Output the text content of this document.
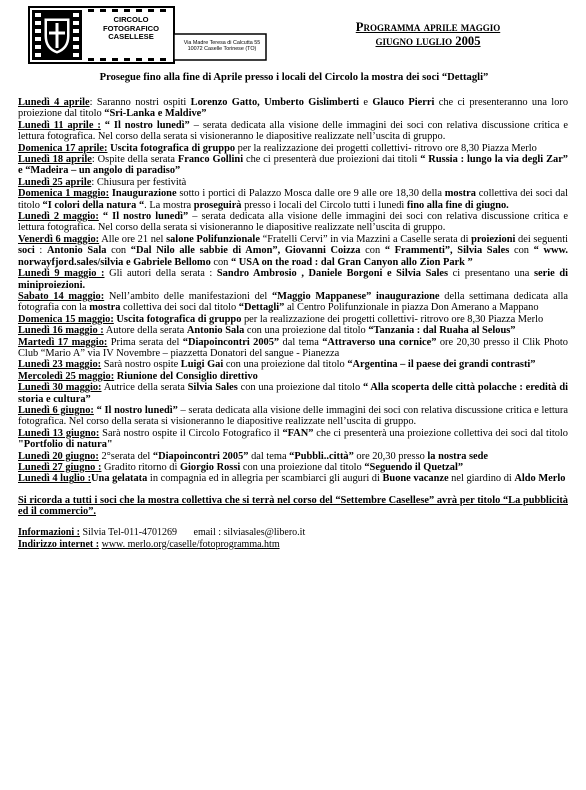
CIRCOLO
FOTOGRAFICO
CASELLESE
Via Madre Teresa di Calcutta 55
10072 Caselle Torinese (TO)
Programma aprile maggio
giugno luglio 2005
Prosegue fino alla fine di Aprile presso i locali del Circolo la mostra dei soci “Dettagli”

Lunedì 4 aprile: Saranno nostri ospiti Lorenzo Gatto, Umberto Gislimberti e Glauco Pierri che ci presenteranno una loro proiezione dal titolo “Sri-Lanka e Maldive”

Lunedì 11 aprile : “ Il nostro lunedì” – serata dedicata alla visione delle immagini dei soci con relativa discussione critica e lettura fotografica. Nel corso della serata si visioneranno le diapositive realizzate nell’uscita di gruppo.

Domenica 17 aprile: Uscita fotografica di gruppo per la realizzazione dei progetti collettivi- ritrovo ore 8,30 Piazza Merlo

Lunedì 18 aprile: Ospite della serata Franco Gollini che ci presenterà due proiezioni dai titoli “ Russia : lungo la via degli Zar” e “Madeira – un angolo di paradiso”

Lunedì 25 aprile: Chiusura per festività

Domenica 1 maggio: Inaugurazione sotto i portici di Palazzo Mosca dalle ore 9 alle ore 18,30 della mostra collettiva dei soci dal titolo “I colori della natura “. La mostra proseguirà presso i locali del Circolo tutti i lunedì fino alla fine di giugno.

Lunedì 2 maggio: “ Il nostro lunedì” – serata dedicata alla visione delle immagini dei soci con relativa discussione critica e lettura fotografica. Nel corso della serata si visioneranno le diapositive realizzate nell’uscita di gruppo.

Venerdì 6 maggio: Alle ore 21 nel salone Polifunzionale “Fratelli Cervi” in via Mazzini a Caselle serata di proiezioni dei seguenti soci : Antonio Sala con “Dal Nilo alle sabbie di Amon”, Giovanni Coizza con “ Frammenti”, Silvia Sales con “ www. norwayfjord.sales/silvia e Gabriele Bellomo con “ USA on the road : dal Gran Canyon allo Zion Park ”

Lunedì 9 maggio : Gli autori della serata : Sandro Ambrosio , Daniele Borgoni e Silvia Sales ci presentano una serie di miniproiezioni.

Sabato 14 maggio: Nell’ambito delle manifestazioni del “Maggio Mappanese” inaugurazione della settimana dedicata alla fotografia con la mostra collettiva dei soci dal titolo “Dettagli” al Centro Polifunzionale in piazza Don Amerano a Mappano

Domenica 15 maggio: Uscita fotografica di gruppo per la realizzazione dei progetti collettivi- ritrovo ore 8,30 Piazza Merlo

Lunedì 16 maggio : Autore della serata Antonio Sala con una proiezione dal titolo “Tanzania : dal Ruaha al Selous”

Martedì 17 maggio: Prima serata del “Diapoincontri 2005” dal tema “Attraverso una cornice” ore 20,30 presso il Clik Photo Club “Mario A” via IV Novembre – piazzetta Donatori del sangue - Pianezza

Lunedì 23 maggio: Sarà nostro ospite Luigi Gai con una proiezione dal titolo “Argentina – il paese dei grandi contrasti”

Mercoledì 25 maggio: Riunione del Consiglio direttivo

Lunedì 30 maggio: Autrice della serata Silvia Sales con una proiezione dal titolo “ Alla scoperta delle città polacche : eredità di storia e cultura”

Lunedì 6 giugno: “ Il nostro lunedì” – serata dedicata alla visione delle immagini dei soci con relativa discussione critica e lettura fotografica. Nel corso della serata si visioneranno le diapositive realizzate nell’uscita di gruppo.

Lunedì 13 giugno: Sarà nostro ospite il Circolo Fotografico il “FAN” che ci presenterà una proiezione collettiva dei soci dal titolo "Portfolio di natura"

Lunedì 20 giugno: 2°serata del “Diapoincontri 2005” dal tema “Pubbli..città” ore 20,30 presso la nostra sede

Lunedì 27 giugno : Gradito ritorno di Giorgio Rossi con una proiezione dal titolo “Seguendo il Quetzal”

Lunedì 4 luglio :Una gelatata in compagnia ed in allegria per scambiarci gli auguri di Buone vacanze nel giardino di Aldo Merlo

Si ricorda a tutti i soci che la mostra collettiva che si terrà nel corso del “Settembre Casellese” avrà per titolo “La pubblicità ed il commercio”.
Informazioni : Silvia Tel-011-4701269 email : silviasales@libero.it
Indirizzo internet : www. merlo.org/caselle/fotoprogramma.htm
